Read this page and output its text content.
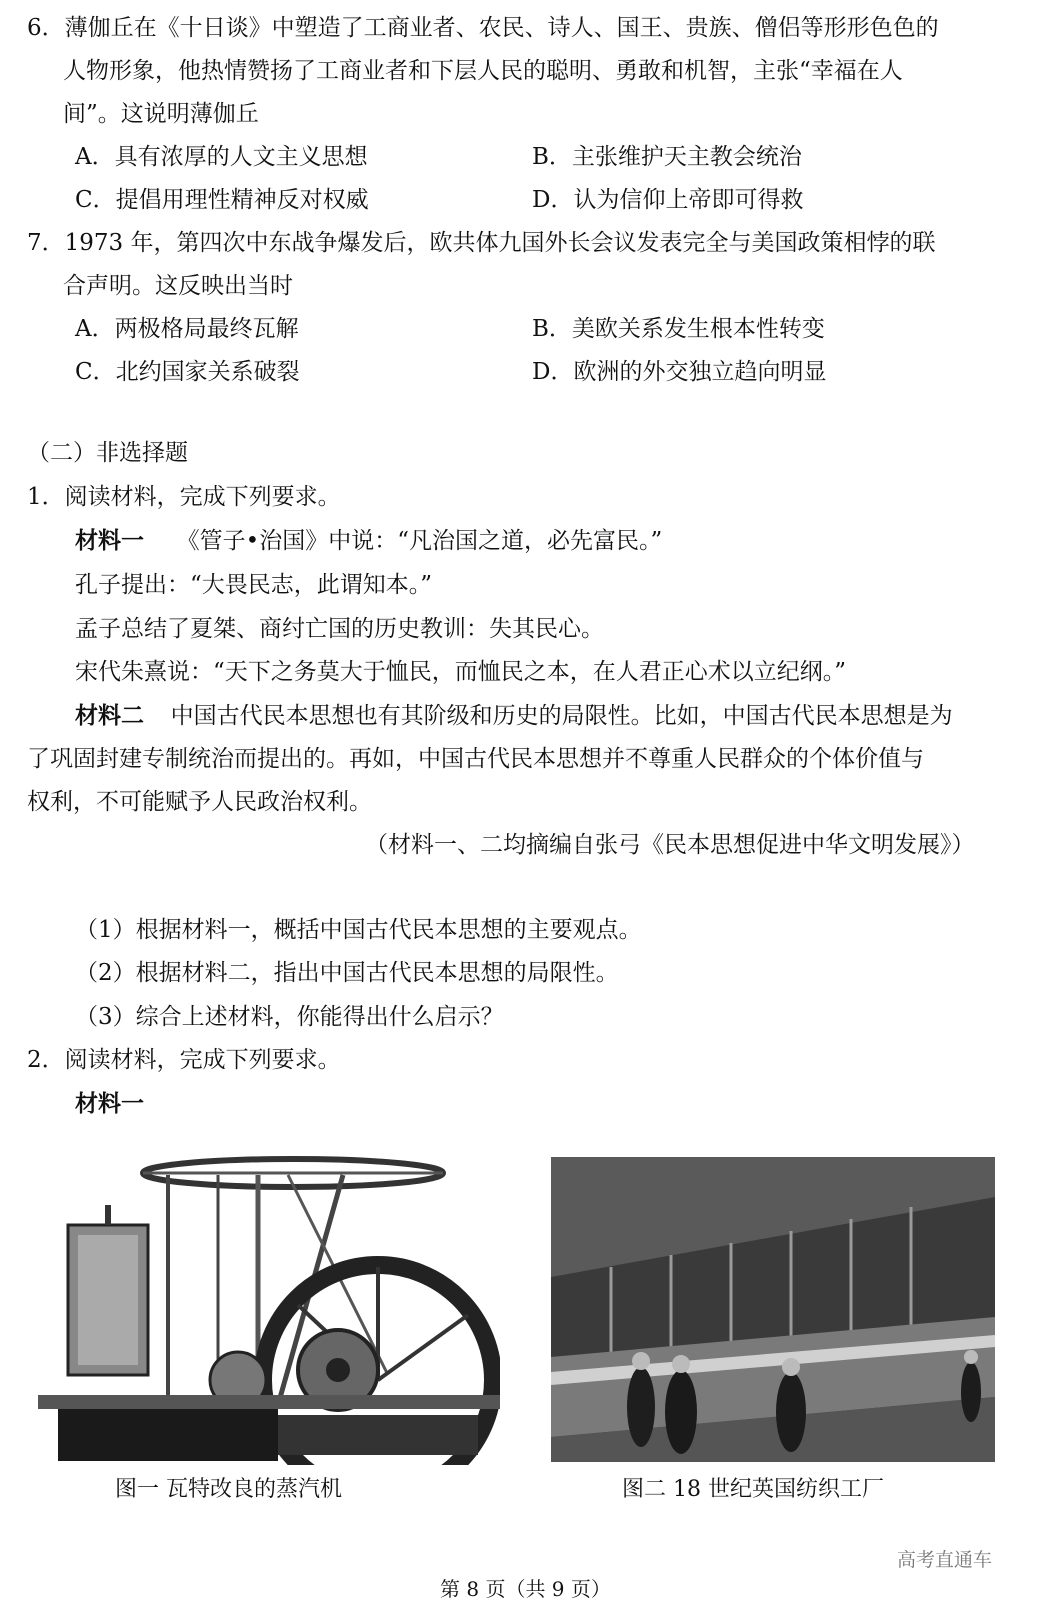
6．薄伽丘在《十日谈》中塑造了工商业者、农民、诗人、国王、贵族、僧侣等形形色色的
人物形象，他热情赞扬了工商业者和下层人民的聪明、勇敢和机智，主张“幸福在人
间”。这说明薄伽丘
A．具有浓厚的人文主义思想	B．主张维护天主教会统治
C．提倡用理性精神反对权威	D．认为信仰上帝即可得救
7．1973 年，第四次中东战争爆发后，欧共体九国外长会议发表完全与美国政策相悖的联
合声明。这反映出当时
A．两极格局最终瓦解	B．美欧关系发生根本性转变
C．北约国家关系破裂	D．欧洲的外交独立趋向明显
（二）非选择题
1．阅读材料，完成下列要求。
材料一 《管子•治国》中说：“凡治国之道，必先富民。”
孔子提出：“大畏民志，此谓知本。”
孟子总结了夏桀、商纣亡国的历史教训：失其民心。
宋代朱熹说：“天下之务莫大于恤民，而恤民之本，在人君正心术以立纪纲。”
材料二 中国古代民本思想也有其阶级和历史的局限性。比如，中国古代民本思想是为
了巩固封建专制统治而提出的。再如，中国古代民本思想并不尊重人民群众的个体价值与
权利，不可能赋予人民政治权利。
（材料一、二均摘编自张弓《民本思想促进中华文明发展》）
（1）根据材料一，概括中国古代民本思想的主要观点。
（2）根据材料二，指出中国古代民本思想的局限性。
（3）综合上述材料，你能得出什么启示？
2．阅读材料，完成下列要求。
材料一
图一 瓦特改良的蒸汽机	图二 18 世纪英国纺织工厂
第 8 页（共 9 页）
高考直通车
